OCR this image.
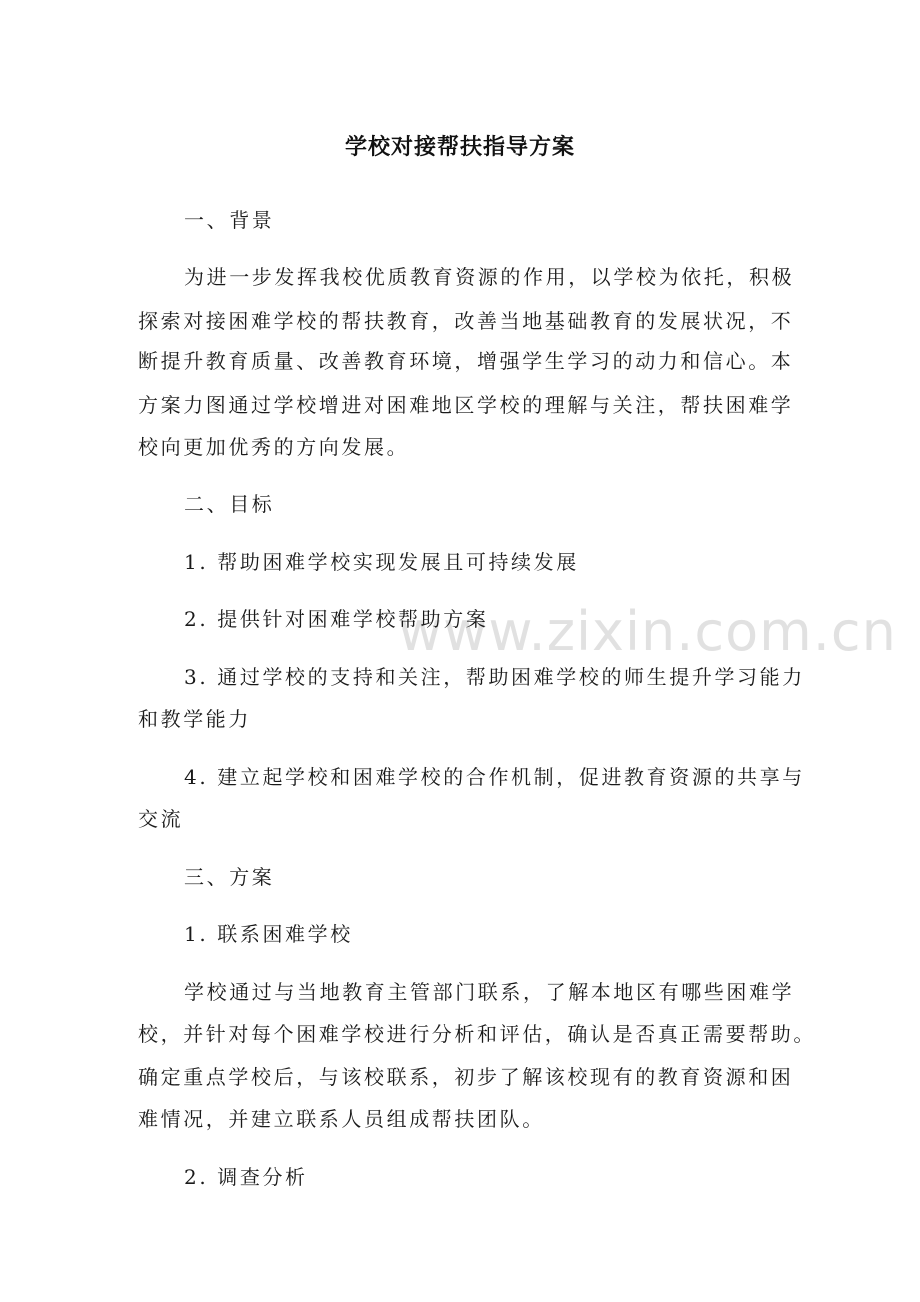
www.zixin.com.cn
学校对接帮扶指导方案
一、背景
为进一步发挥我校优质教育资源的作用，以学校为依托，积极
探索对接困难学校的帮扶教育，改善当地基础教育的发展状况，不
断提升教育质量、改善教育环境，增强学生学习的动力和信心。本
方案力图通过学校增进对困难地区学校的理解与关注，帮扶困难学
校向更加优秀的方向发展。
二、目标
1. 帮助困难学校实现发展且可持续发展
2. 提供针对困难学校帮助方案
3. 通过学校的支持和关注，帮助困难学校的师生提升学习能力
和教学能力
4. 建立起学校和困难学校的合作机制，促进教育资源的共享与
交流
三、方案
1. 联系困难学校
学校通过与当地教育主管部门联系，了解本地区有哪些困难学
校，并针对每个困难学校进行分析和评估，确认是否真正需要帮助。
确定重点学校后，与该校联系，初步了解该校现有的教育资源和困
难情况，并建立联系人员组成帮扶团队。
2. 调查分析
